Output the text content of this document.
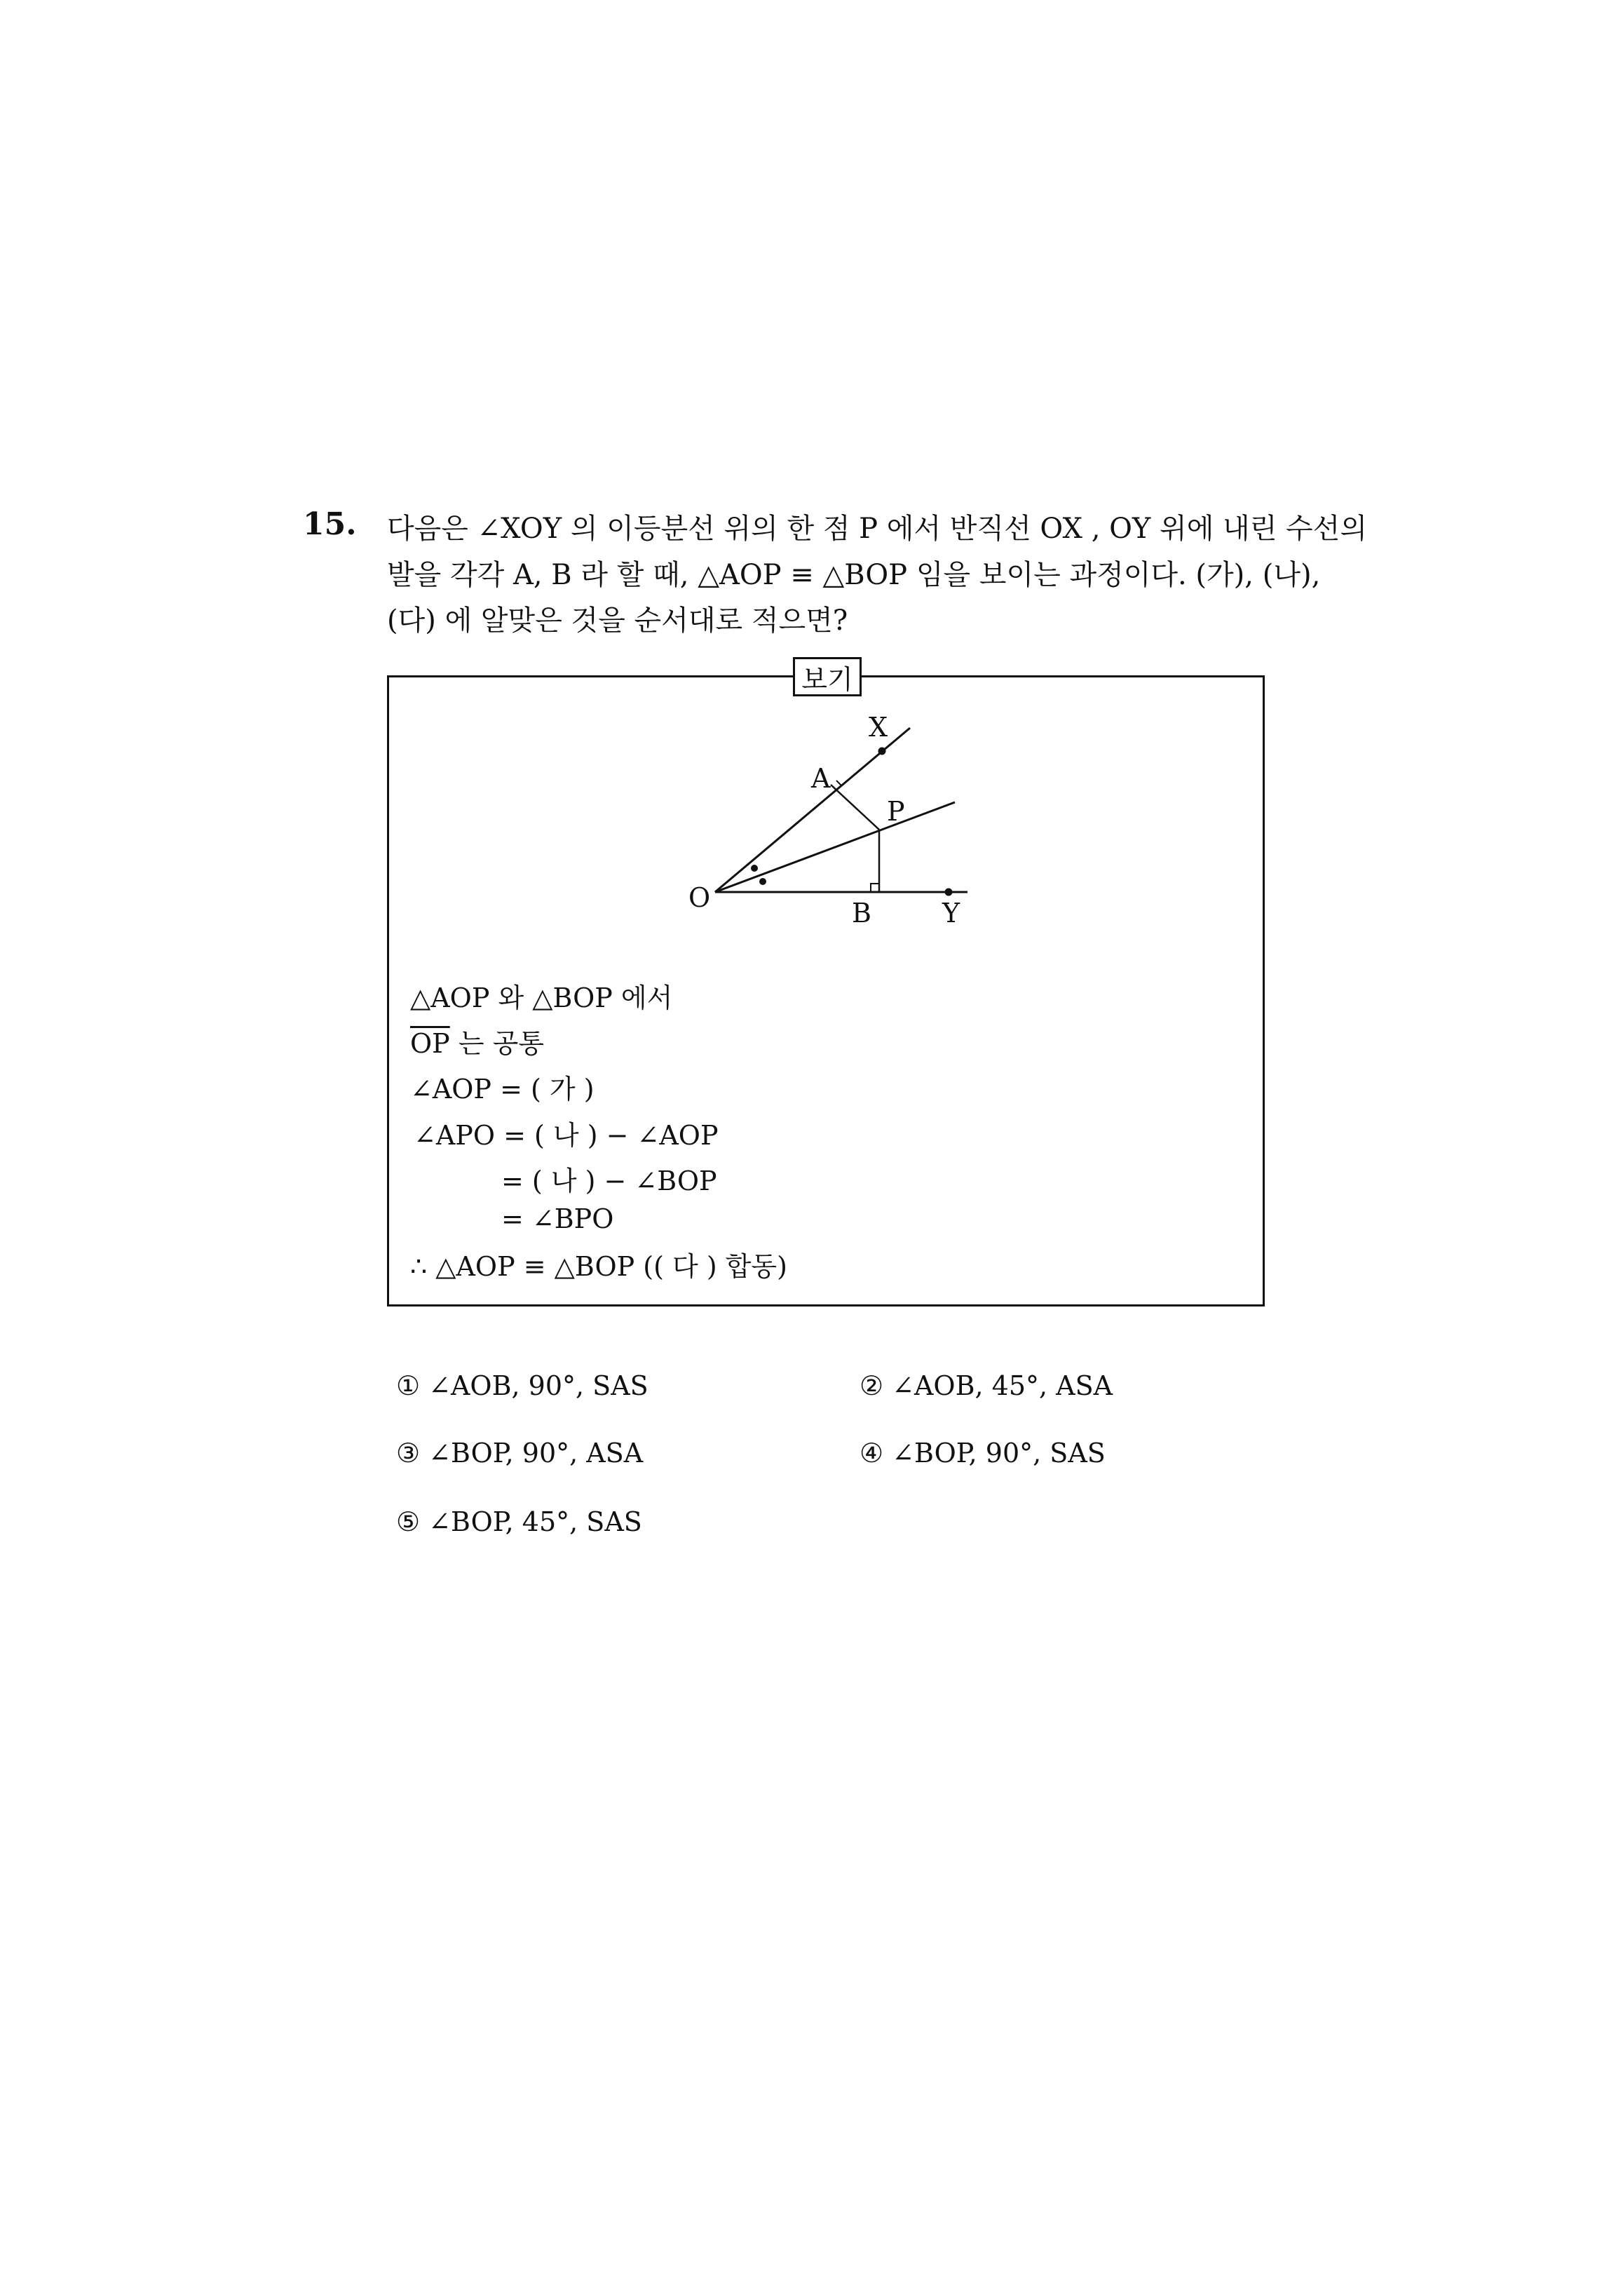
15. 다음은 ∠XOY 의 이등분선 위의 한 점 P 에서 반직선 OX , OY 위에 내린 수선의
발을 각각 A, B 라 할 때, △AOP ≡ △BOP 임을 보이는 과정이다. (가), (나),
(다) 에 알맞은 것을 순서대로 적으면?
보기
X
A
P
O	B	Y
△AOP 와 △BOP 에서
$\overline{OP}$ 는 공통
∠AOP = ( 가 )
∠APO = ( 나 ) − ∠AOP
= ( 나 ) − ∠BOP
= ∠BPO
∴ △AOP ≡ △BOP (( 다 ) 합동)
① ∠AOB, 90°, SAS	② ∠AOB, 45°, ASA
③ ∠BOP, 90°, ASA	④ ∠BOP, 90°, SAS
⑤ ∠BOP, 45°, SAS
